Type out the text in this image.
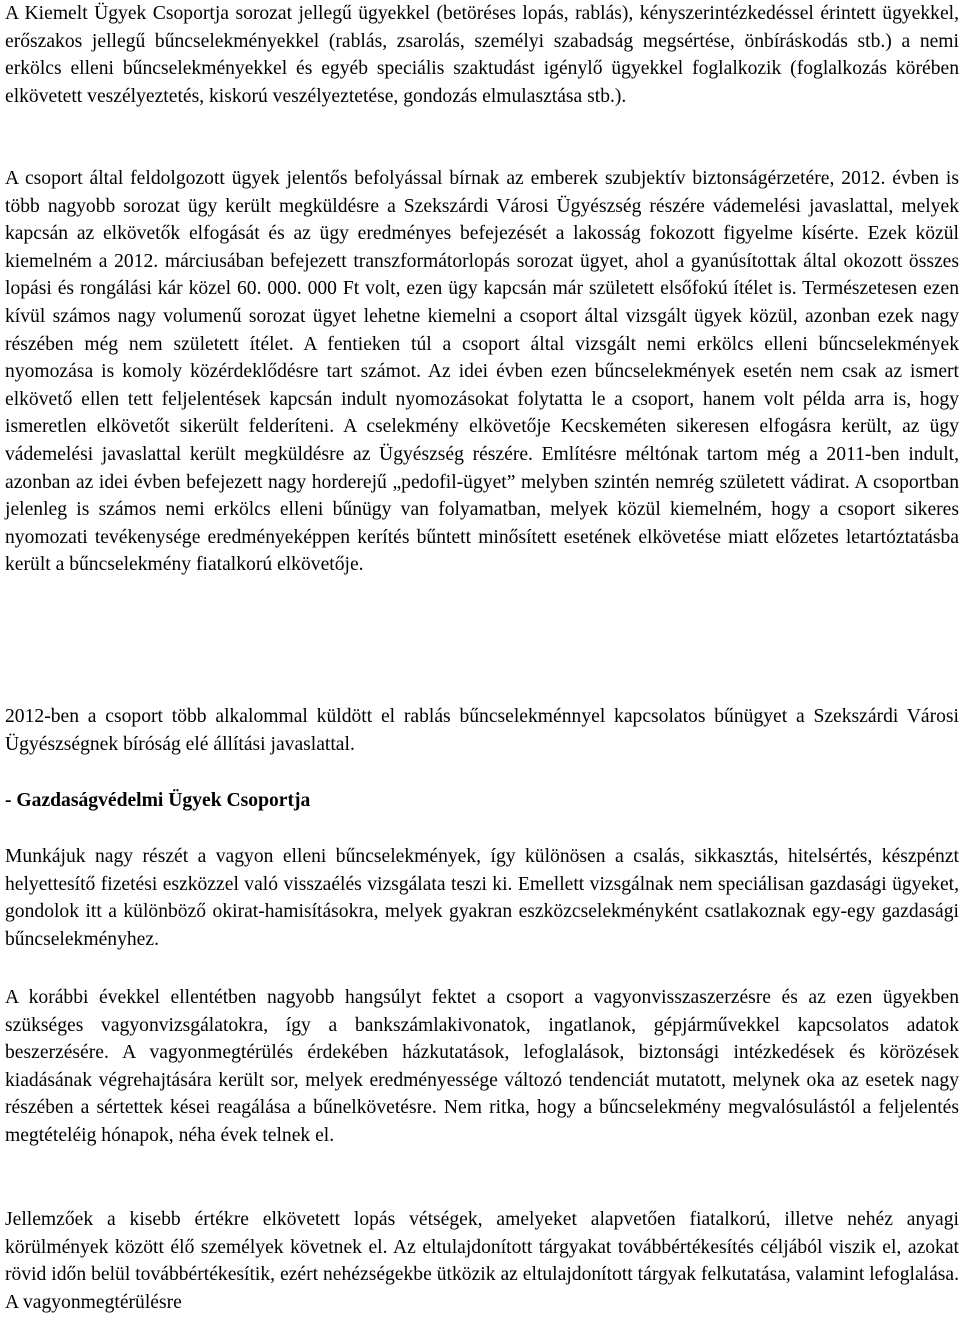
A Kiemelt Ügyek Csoportja sorozat jellegű ügyekkel (betöréses lopás, rablás), kényszerintézkedéssel érintett ügyekkel, erőszakos jellegű bűncselekményekkel (rablás, zsarolás, személyi szabadság megsértése, önbíráskodás stb.) a nemi erkölcs elleni bűncselekményekkel és egyéb speciális szaktudást igénylő ügyekkel foglalkozik (foglalkozás körében elkövetett veszélyeztetés, kiskorú veszélyeztetése, gondozás elmulasztása stb.).

A csoport által feldolgozott ügyek jelentős befolyással bírnak az emberek szubjektív biztonságérzetére, 2012. évben is több nagyobb sorozat ügy került megküldésre a Szekszárdi Városi Ügyészség részére vádemelési javaslattal, melyek kapcsán az elkövetők elfogását és az ügy eredményes befejezését a lakosság fokozott figyelme kísérte. Ezek közül kiemelném a 2012. márciusában befejezett transzformátorlopás sorozat ügyet, ahol a gyanúsítottak által okozott összes lopási és rongálási kár közel 60. 000. 000 Ft volt, ezen ügy kapcsán már született elsőfokú ítélet is. Természetesen ezen kívül számos nagy volumenű sorozat ügyet lehetne kiemelni a csoport által vizsgált ügyek közül, azonban ezek nagy részében még nem született ítélet. A fentieken túl a csoport által vizsgált nemi erkölcs elleni bűncselekmények nyomozása is komoly közérdeklődésre tart számot. Az idei évben ezen bűncselekmények esetén nem csak az ismert elkövető ellen tett feljelentések kapcsán indult nyomozásokat folytatta le a csoport, hanem volt példa arra is, hogy ismeretlen elkövetőt sikerült felderíteni. A cselekmény elkövetője Kecskeméten sikeresen elfogásra került, az ügy vádemelési javaslattal került megküldésre az Ügyészség részére. Említésre méltónak tartom még a 2011-ben indult, azonban az idei évben befejezett nagy horderejű „pedofil-ügyet” melyben szintén nemrég született vádirat. A csoportban jelenleg is számos nemi erkölcs elleni bűnügy van folyamatban, melyek közül kiemelném, hogy a csoport sikeres nyomozati tevékenysége eredményeképpen kerítés bűntett minősített esetének elkövetése miatt előzetes letartóztatásba került a bűncselekmény fiatalkorú elkövetője.

2012-ben a csoport több alkalommal küldött el rablás bűncselekménnyel kapcsolatos bűnügyet a Szekszárdi Városi Ügyészségnek bíróság elé állítási javaslattal.

- Gazdaságvédelmi Ügyek Csoportja

Munkájuk nagy részét a vagyon elleni bűncselekmények, így különösen a csalás, sikkasztás, hitelsértés, készpénzt helyettesítő fizetési eszközzel való visszaélés vizsgálata teszi ki. Emellett vizsgálnak nem speciálisan gazdasági ügyeket, gondolok itt a különböző okirat-hamisításokra, melyek gyakran eszközcselekményként csatlakoznak egy-egy gazdasági bűncselekményhez.

A korábbi évekkel ellentétben nagyobb hangsúlyt fektet a csoport a vagyonvisszaszerzésre és az ezen ügyekben szükséges vagyonvizsgálatokra, így a bankszámlakivonatok, ingatlanok, gépjárművekkel kapcsolatos adatok beszerzésére. A vagyonmegtérülés érdekében házkutatások, lefoglalások, biztonsági intézkedések és körözések kiadásának végrehajtására került sor, melyek eredményessége változó tendenciát mutatott, melynek oka az esetek nagy részében a sértettek kései reagálása a bűnelkövetésre. Nem ritka, hogy a bűncselekmény megvalósulástól a feljelentés megtételéig hónapok, néha évek telnek el.

Jellemzőek a kisebb értékre elkövetett lopás vétségek, amelyeket alapvetően fiatalkorú, illetve nehéz anyagi körülmények között élő személyek követnek el. Az eltulajdonított tárgyakat továbbértékesítés céljából viszik el, azokat rövid időn belül továbbértékesítik, ezért nehézségekbe ütközik az eltulajdonított tárgyak felkutatása, valamint lefoglalása. A vagyonmegtérülésre
